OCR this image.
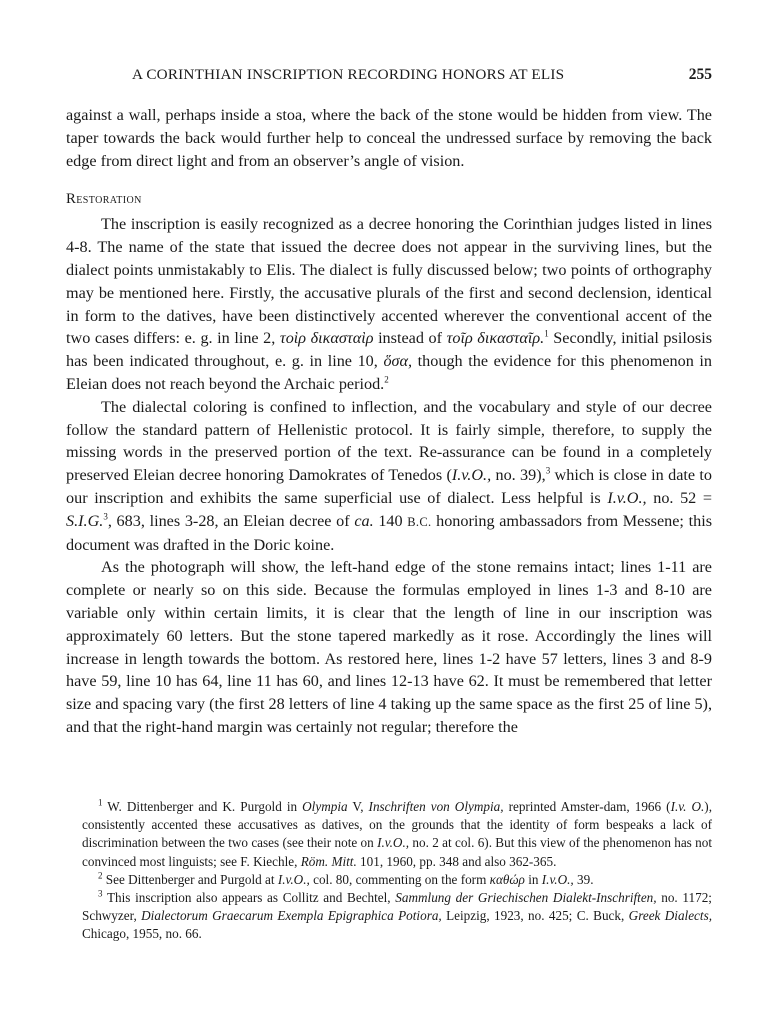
A CORINTHIAN INSCRIPTION RECORDING HONORS AT ELIS	255

against a wall, perhaps inside a stoa, where the back of the stone would be hidden from view. The taper towards the back would further help to conceal the undressed surface by removing the back edge from direct light and from an observer’s angle of vision.

Restoration

The inscription is easily recognized as a decree honoring the Corinthian judges listed in lines 4-8. The name of the state that issued the decree does not appear in the surviving lines, but the dialect points unmistakably to Elis. The dialect is fully discussed below; two points of orthography may be mentioned here. Firstly, the accusative plurals of the first and second declension, identical in form to the datives, have been distinctively accented wherever the conventional accent of the two cases differs: e. g. in line 2, τοὶρ δικασταὶρ instead of τοῖρ δικασταῖρ.$^1$ Secondly, initial psilosis has been indicated throughout, e. g. in line 10, ὅσα, though the evidence for this phenomenon in Eleian does not reach beyond the Archaic period.$^2$

The dialectal coloring is confined to inflection, and the vocabulary and style of our decree follow the standard pattern of Hellenistic protocol. It is fairly simple, therefore, to supply the missing words in the preserved portion of the text. Re‑assurance can be found in a completely preserved Eleian decree honoring Damokrates of Tenedos (I.v.O., no. 39),$^3$ which is close in date to our inscription and exhibits the same superficial use of dialect. Less helpful is I.v.O., no. 52 = S.I.G.$^3$, 683, lines 3-28, an Eleian decree of ca. 140 B.C. honoring ambassadors from Messene; this document was drafted in the Doric koine.

As the photograph will show, the left-hand edge of the stone remains intact; lines 1-11 are complete or nearly so on this side. Because the formulas employed in lines 1-3 and 8-10 are variable only within certain limits, it is clear that the length of line in our inscription was approximately 60 letters. But the stone tapered markedly as it rose. Accordingly the lines will increase in length towards the bottom. As restored here, lines 1-2 have 57 letters, lines 3 and 8-9 have 59, line 10 has 64, line 11 has 60, and lines 12-13 have 62. It must be remembered that letter size and spacing vary (the first 28 letters of line 4 taking up the same space as the first 25 of line 5), and that the right-hand margin was certainly not regular; therefore the

$^1$ W. Dittenberger and K. Purgold in Olympia V, Inschriften von Olympia, reprinted Amster‑dam, 1966 (I.v. O.), consistently accented these accusatives as datives, on the grounds that the identity of form bespeaks a lack of discrimination between the two cases (see their note on I.v.O., no. 2 at col. 6). But this view of the phenomenon has not convinced most linguists; see F. Kiechle, Röm. Mitt. 101, 1960, pp. 348 and also 362-365.

$^2$ See Dittenberger and Purgold at I.v.O., col. 80, commenting on the form καθώρ in I.v.O., 39.

$^3$ This inscription also appears as Collitz and Bechtel, Sammlung der Griechischen Dialekt-Inschriften, no. 1172; Schwyzer, Dialectorum Graecarum Exempla Epigraphica Potiora, Leipzig, 1923, no. 425; C. Buck, Greek Dialects, Chicago, 1955, no. 66.
